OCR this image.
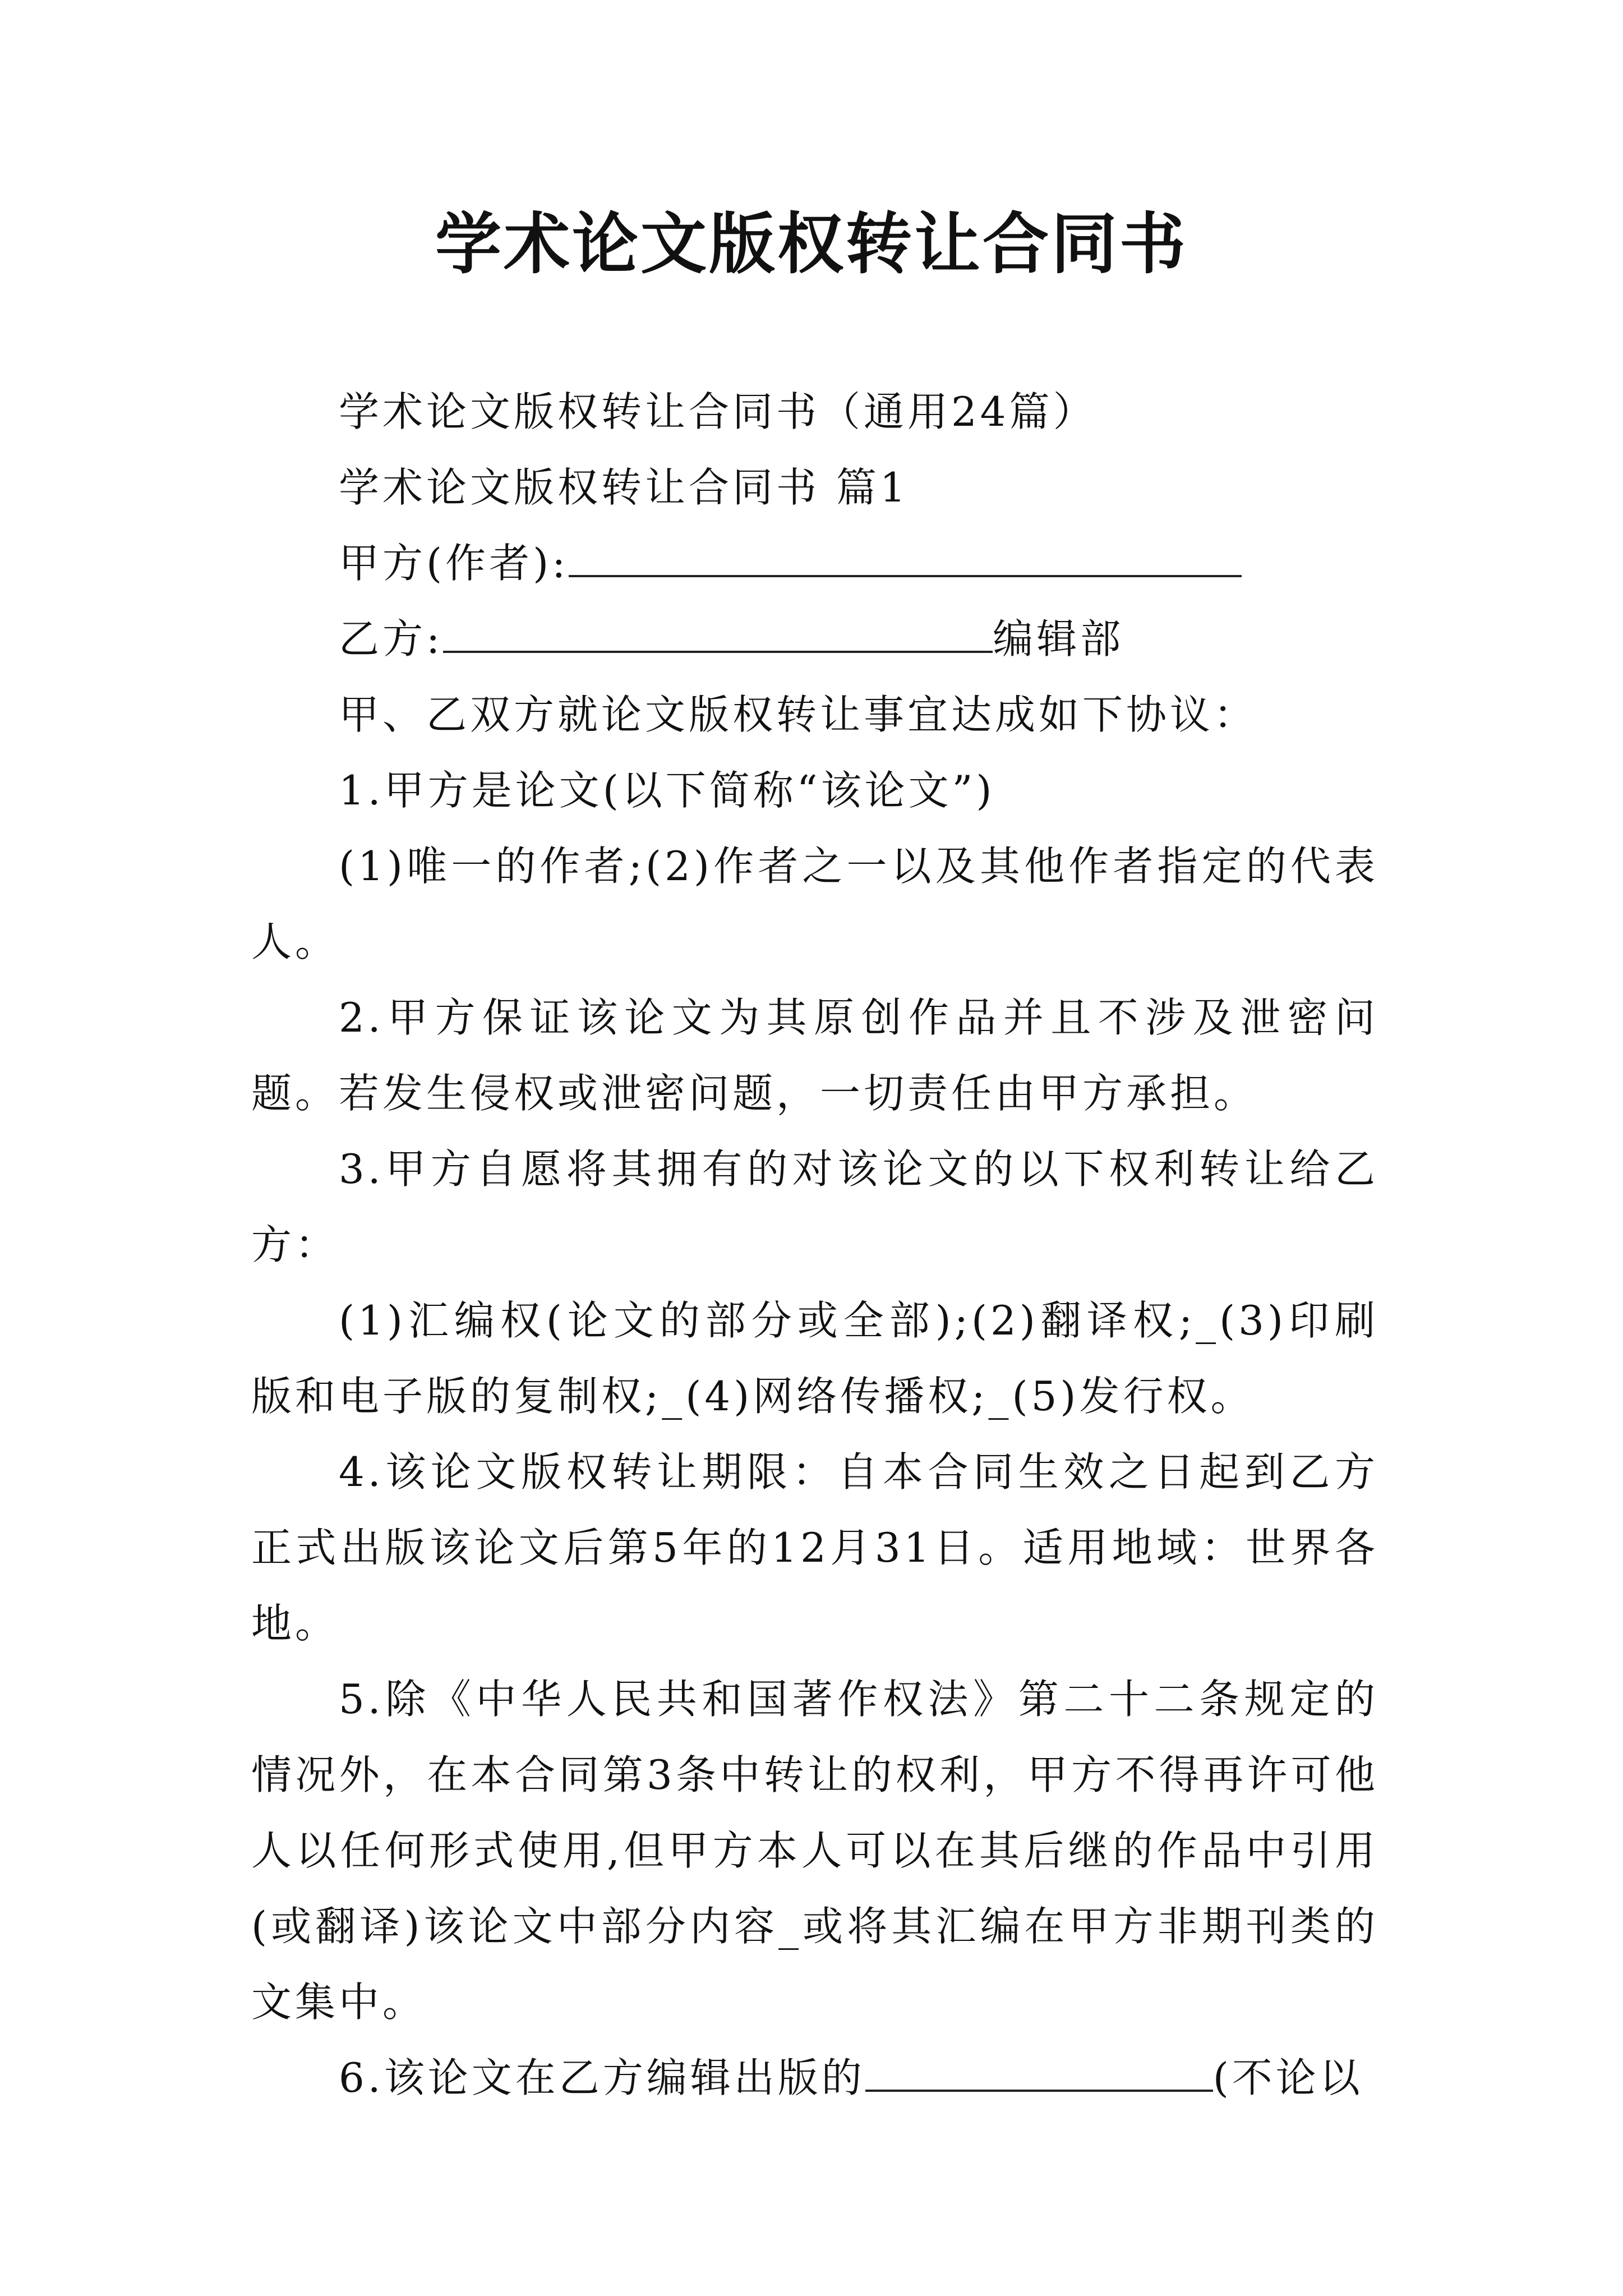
学术论文版权转让合同书

学术论文版权转让合同书（通用24篇）

学术论文版权转让合同书 篇1

甲方(作者):

乙方:	编辑部

甲、乙双方就论文版权转让事宜达成如下协议：

1.甲方是论文(以下简称“该论文”)

(1)唯一的作者;(2)作者之一以及其他作者指定的代表人。

2.甲方保证该论文为其原创作品并且不涉及泄密问题。若发生侵权或泄密问题，一切责任由甲方承担。

3.甲方自愿将其拥有的对该论文的以下权利转让给乙方：

(1)汇编权(论文的部分或全部);(2)翻译权;_(3)印刷版和电子版的复制权;_(4)网络传播权;_(5)发行权。

4.该论文版权转让期限：自本合同生效之日起到乙方正式出版该论文后第5年的12月31日。适用地域：世界各地。

5.除《中华人民共和国著作权法》第二十二条规定的情况外，在本合同第3条中转让的权利，甲方不得再许可他人以任何形式使用,但甲方本人可以在其后继的作品中引用(或翻译)该论文中部分内容_或将其汇编在甲方非期刊类的文集中。

6.该论文在乙方编辑出版的	(不论以
